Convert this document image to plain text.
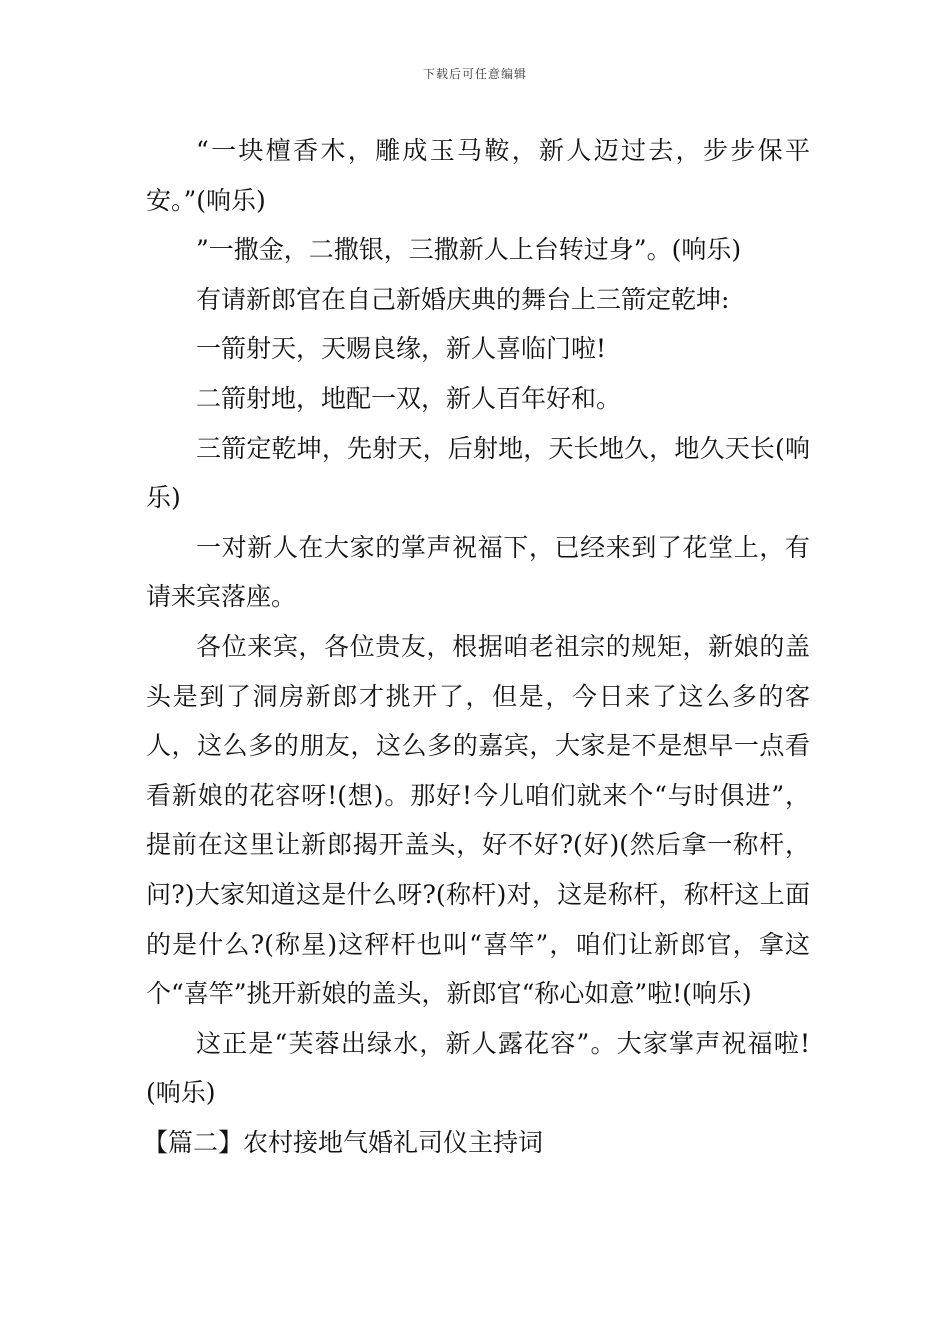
下载后可任意编辑

“一块檀香木，雕成玉马鞍，新人迈过去，步步保平安。”(响乐)

”一撒金，二撒银，三撒新人上台转过身”。(响乐)

有请新郎官在自己新婚庆典的舞台上三箭定乾坤:

一箭射天，天赐良缘，新人喜临门啦!

二箭射地，地配一双，新人百年好和。

三箭定乾坤，先射天，后射地，天长地久，地久天长(响乐)

一对新人在大家的掌声祝福下，已经来到了花堂上，有请来宾落座。

各位来宾，各位贵友，根据咱老祖宗的规矩，新娘的盖头是到了洞房新郎才挑开了，但是，今日来了这么多的客人，这么多的朋友，这么多的嘉宾，大家是不是想早一点看看新娘的花容呀!(想)。那好!今儿咱们就来个“与时俱进”，提前在这里让新郎揭开盖头，好不好?(好)(然后拿一称杆，问?)大家知道这是什么呀?(称杆)对，这是称杆，称杆这上面的是什么?(称星)这秤杆也叫“喜竿”，咱们让新郎官，拿这个“喜竿”挑开新娘的盖头，新郎官“称心如意”啦!(响乐)

这正是“芙蓉出绿水，新人露花容”。大家掌声祝福啦!(响乐)

【篇二】农村接地气婚礼司仪主持词
